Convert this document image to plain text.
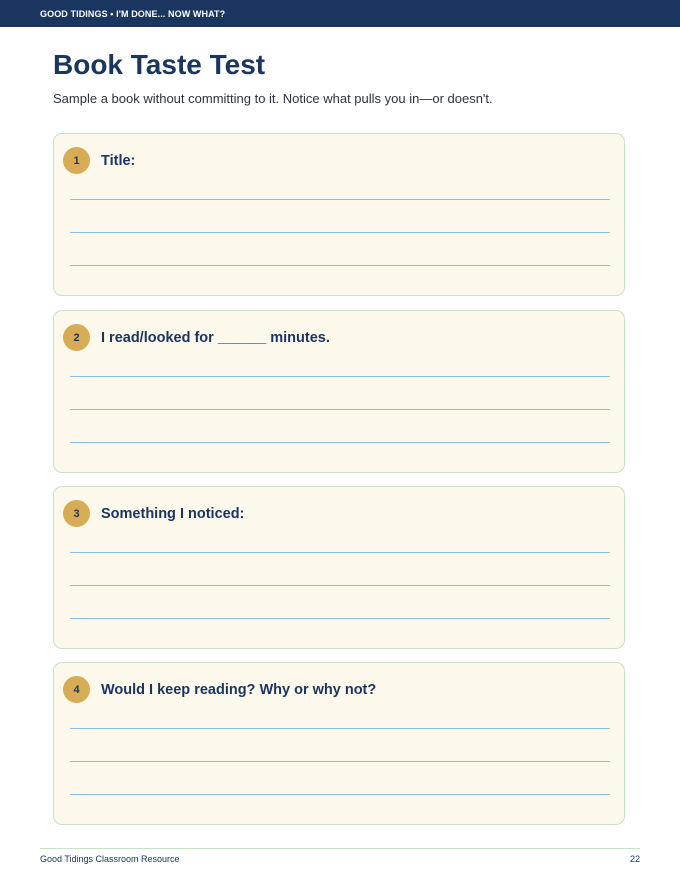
GOOD TIDINGS • I'M DONE... NOW WHAT?
Book Taste Test

Sample a book without committing to it. Notice what pulls you in—or doesn't.

1	Title:
2	I read/looked for ______ minutes.
3	Something I noticed:
4	Would I keep reading? Why or why not?
Good Tidings Classroom Resource	22
